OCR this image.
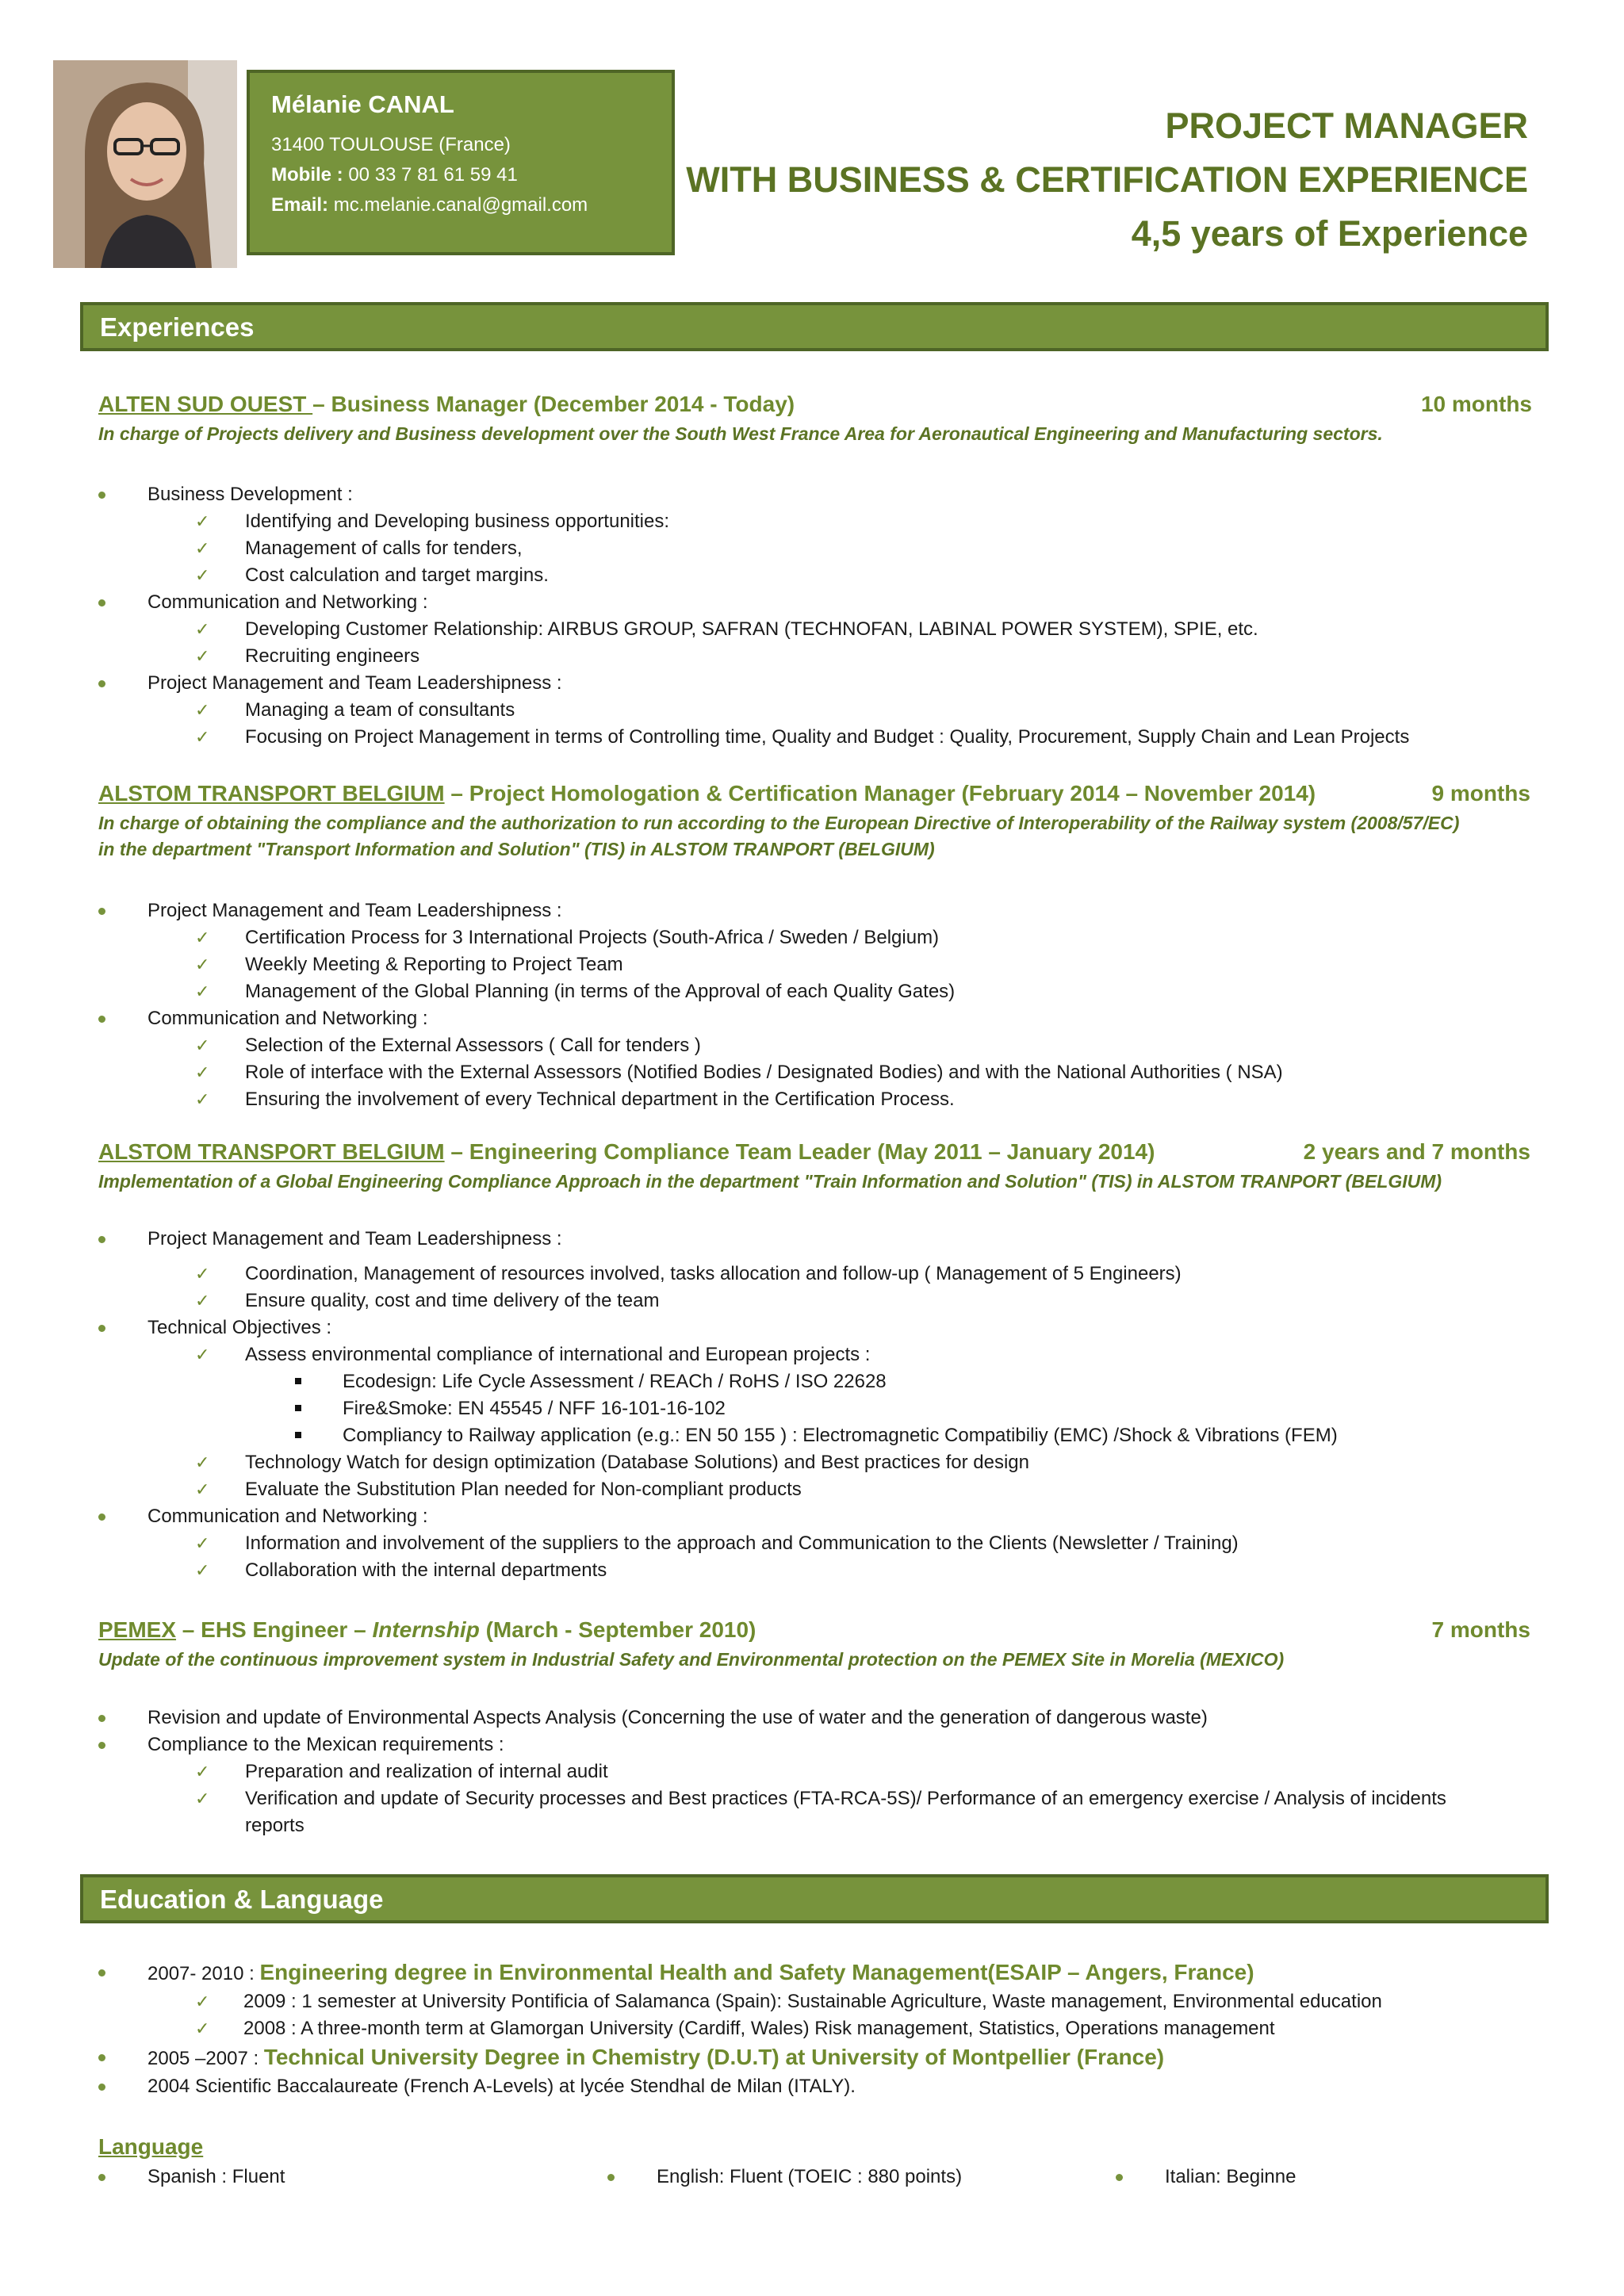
Mélanie CANAL
31400 TOULOUSE (France)
Mobile : 00 33 7 81 61 59 41
Email: mc.melanie.canal@gmail.com
PROJECT MANAGER
WITH BUSINESS & CERTIFICATION EXPERIENCE
4,5 years of Experience
Experiences
ALTEN SUD OUEST – Business Manager (December 2014 - Today)	10 months
In charge of Projects delivery and Business development over the South West France Area for Aeronautical Engineering and Manufacturing sectors.
Business Development :
✓ Identifying and Developing business opportunities:
✓ Management of calls for tenders,
✓ Cost calculation and target margins.
Communication and Networking :
✓ Developing Customer Relationship: AIRBUS GROUP, SAFRAN (TECHNOFAN, LABINAL POWER SYSTEM), SPIE, etc.
✓ Recruiting engineers
Project Management and Team Leadershipness :
✓ Managing a team of consultants
✓ Focusing on Project Management in terms of Controlling time, Quality and Budget : Quality, Procurement, Supply Chain and Lean Projects
ALSTOM TRANSPORT BELGIUM – Project Homologation & Certification Manager (February 2014 – November 2014)	9 months
In charge of obtaining the compliance and the authorization to run according to the European Directive of Interoperability of the Railway system (2008/57/EC)
in the department "Transport Information and Solution" (TIS) in ALSTOM TRANPORT (BELGIUM)
Project Management and Team Leadershipness :
✓ Certification Process for 3 International Projects (South-Africa / Sweden / Belgium)
✓ Weekly Meeting & Reporting to Project Team
✓ Management of the Global Planning (in terms of the Approval of each Quality Gates)
Communication and Networking :
✓ Selection of the External Assessors ( Call for tenders )
✓ Role of interface with the External Assessors (Notified Bodies / Designated Bodies) and with the National Authorities ( NSA)
✓ Ensuring the involvement of every Technical department in the Certification Process.
ALSTOM TRANSPORT BELGIUM – Engineering Compliance Team Leader (May 2011 – January 2014)	2 years and 7 months
Implementation of a Global Engineering Compliance Approach in the department "Train Information and Solution" (TIS) in ALSTOM TRANPORT (BELGIUM)
Project Management and Team Leadershipness :
✓ Coordination, Management of resources involved, tasks allocation and follow-up ( Management of 5 Engineers)
✓ Ensure quality, cost and time delivery of the team
Technical Objectives :
✓ Assess environmental compliance of international and European projects :
Ecodesign: Life Cycle Assessment / REACh / RoHS / ISO 22628
Fire&Smoke: EN 45545 / NFF 16-101-16-102
Compliancy to Railway application (e.g.: EN 50 155 ) : Electromagnetic Compatibiliy (EMC) /Shock & Vibrations (FEM)
✓ Technology Watch for design optimization (Database Solutions) and Best practices for design
✓ Evaluate the Substitution Plan needed for Non-compliant products
Communication and Networking :
✓ Information and involvement of the suppliers to the approach and Communication to the Clients (Newsletter / Training)
✓ Collaboration with the internal departments
PEMEX – EHS Engineer – Internship (March - September 2010)	7 months
Update of the continuous improvement system in Industrial Safety and Environmental protection on the PEMEX Site in Morelia (MEXICO)
Revision and update of Environmental Aspects Analysis (Concerning the use of water and the generation of dangerous waste)
Compliance to the Mexican requirements :
✓ Preparation and realization of internal audit
✓ Verification and update of Security processes and Best practices (FTA-RCA-5S)/ Performance of an emergency exercise / Analysis of incidents
reports
Education & Language
2007- 2010 : Engineering degree in Environmental Health and Safety Management(ESAIP – Angers, France)
✓ 2009 : 1 semester at University Pontificia of Salamanca (Spain): Sustainable Agriculture, Waste management, Environmental education
✓ 2008 : A three-month term at Glamorgan University (Cardiff, Wales) Risk management, Statistics, Operations management
2005 –2007 : Technical University Degree in Chemistry (D.U.T) at University of Montpellier (France)
2004 Scientific Baccalaureate (French A-Levels) at lycée Stendhal de Milan (ITALY).
Language
Spanish : Fluent	English: Fluent (TOEIC : 880 points)	Italian: Beginne
